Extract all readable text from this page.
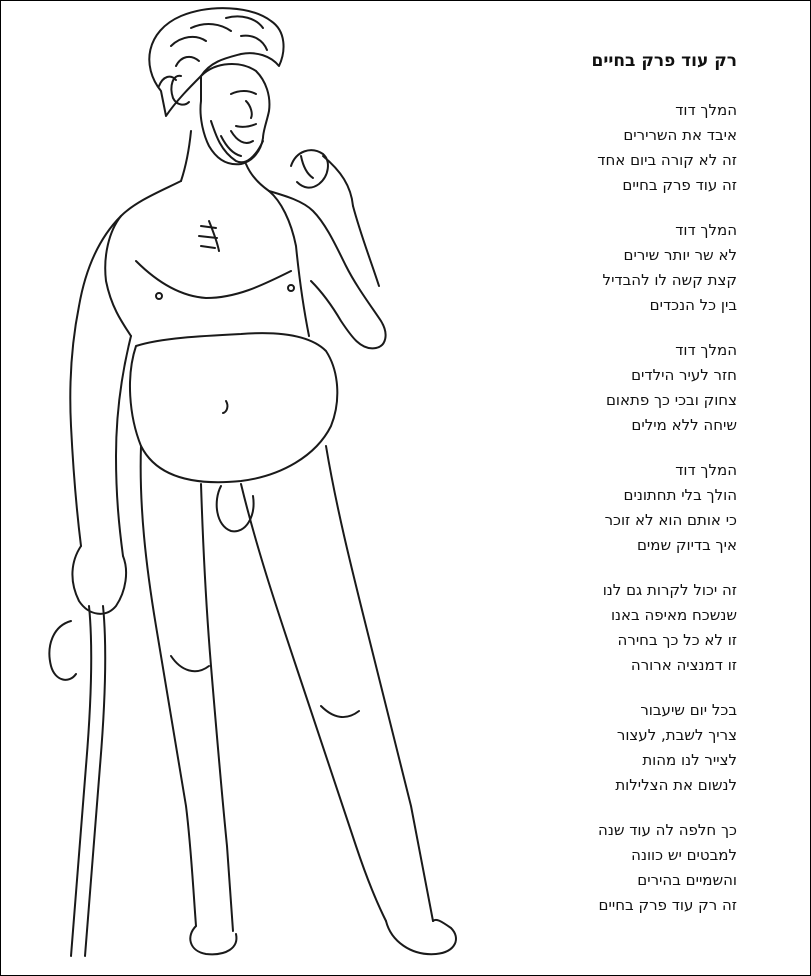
רק עוד פרק בחיים
המלך דוד
איבד את השרירים
זה לא קורה ביום אחד
זה עוד פרק בחיים
המלך דוד
לא שר יותר שירים
קצת קשה לו להבדיל
בין כל הנכדים
המלך דוד
חזר לעיר הילדים
צחוק ובכי כך פתאום
שיחה ללא מילים
המלך דוד
הולך בלי תחתונים
כי אותם הוא לא זוכר
איך בדיוק שמים
זה יכול לקרות גם לנו
שנשכח מאיפה באנו
זו לא כל כך בחירה
זו דמנציה ארורה
בכל יום שיעבור
צריך לשבת, לעצור
לצייר לנו מהות
לנשום את הצלילות
כך חלפה לה עוד שנה
למבטים יש כוונה
והשמיים בהירים
זה רק עוד פרק בחיים
